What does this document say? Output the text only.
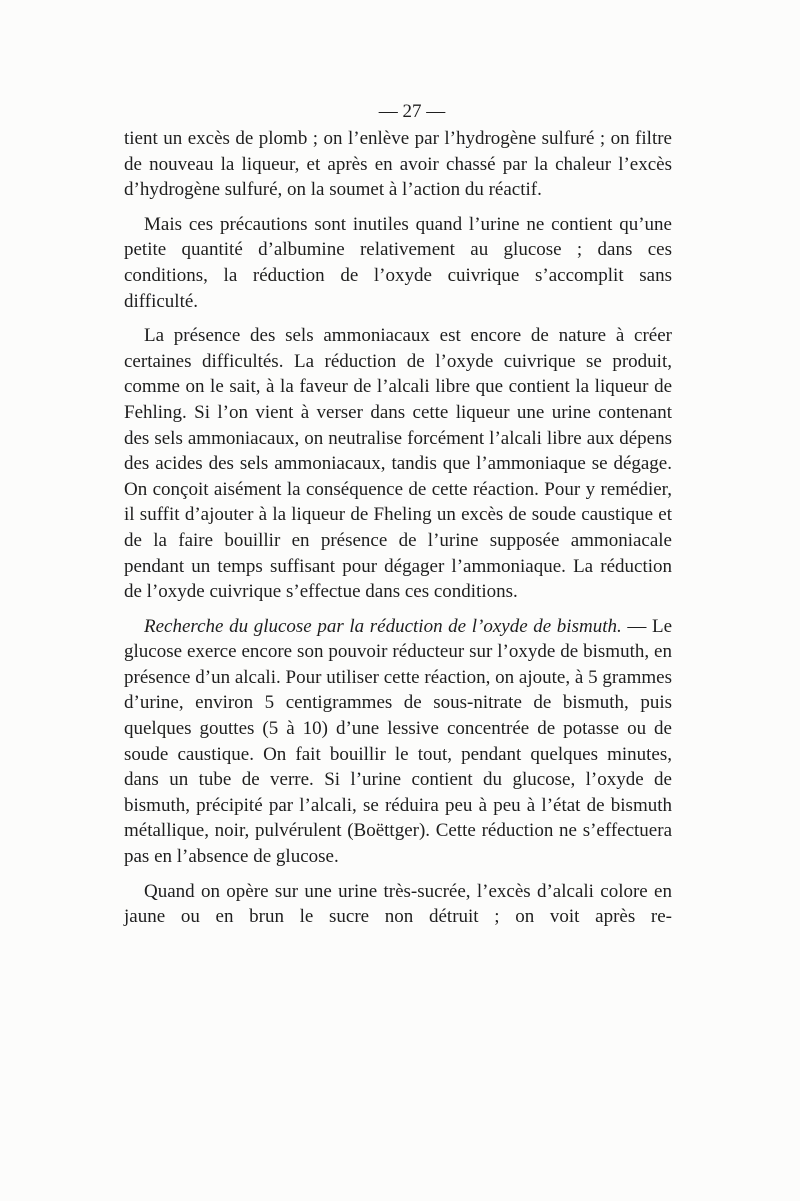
— 27 —

tient un excès de plomb ; on l’enlève par l’hydrogène sulfuré ; on filtre de nouveau la liqueur, et après en avoir chassé par la chaleur l’excès d’hydrogène sulfuré, on la soumet à l’action du réactif.

Mais ces précautions sont inutiles quand l’urine ne contient qu’une petite quantité d’albumine relativement au glucose ; dans ces conditions, la réduction de l’oxyde cuivrique s’accomplit sans difficulté.

La présence des sels ammoniacaux est encore de nature à créer certaines difficultés. La réduction de l’oxyde cuivrique se produit, comme on le sait, à la faveur de l’alcali libre que contient la liqueur de Fehling. Si l’on vient à verser dans cette liqueur une urine contenant des sels ammoniacaux, on neutralise forcément l’alcali libre aux dépens des acides des sels ammoniacaux, tandis que l’ammoniaque se dégage. On conçoit aisément la conséquence de cette réaction. Pour y remédier, il suffit d’ajouter à la liqueur de Fheling un excès de soude caustique et de la faire bouillir en présence de l’urine supposée ammoniacale pendant un temps suffisant pour dégager l’ammoniaque. La réduction de l’oxyde cuivrique s’effectue dans ces conditions.

Recherche du glucose par la réduction de l’oxyde de bismuth. — Le glucose exerce encore son pouvoir réducteur sur l’oxyde de bismuth, en présence d’un alcali. Pour utiliser cette réaction, on ajoute, à 5 grammes d’urine, environ 5 centigrammes de sous-nitrate de bismuth, puis quelques gouttes (5 à 10) d’une lessive concentrée de potasse ou de soude caustique. On fait bouillir le tout, pendant quelques minutes, dans un tube de verre. Si l’urine contient du glucose, l’oxyde de bismuth, précipité par l’alcali, se réduira peu à peu à l’état de bismuth métallique, noir, pulvérulent (Boëttger). Cette réduction ne s’effectuera pas en l’absence de glucose.

Quand on opère sur une urine très-sucrée, l’excès d’alcali colore en jaune ou en brun le sucre non détruit ; on voit après re-
